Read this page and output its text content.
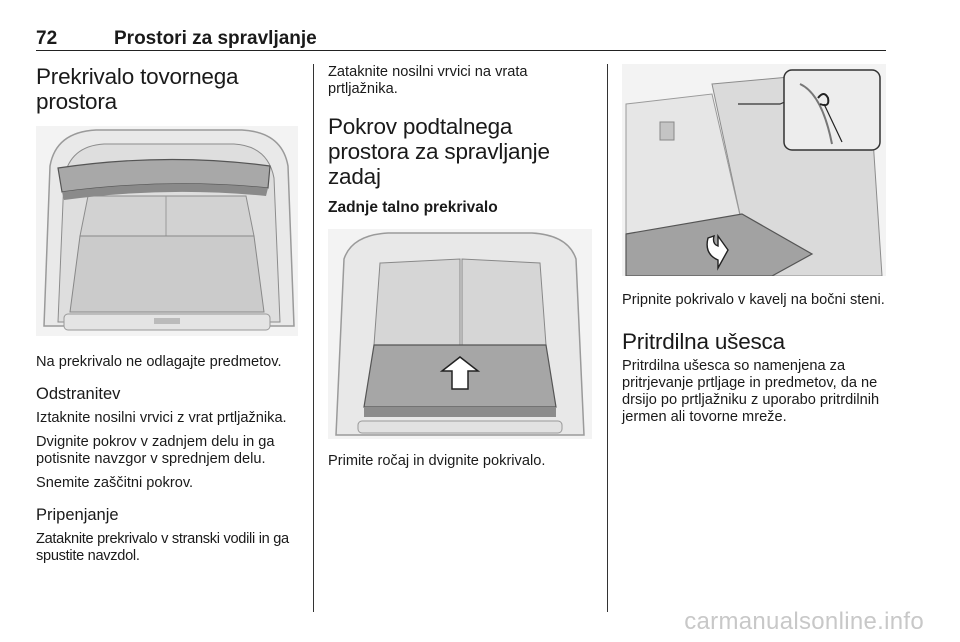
72	Prostori za spravljanje
Prekrivalo tovornega prostora

Na prekrivalo ne odlagajte predmetov.

Odstranitev

Iztaknite nosilni vrvici z vrat prtljažnika.

Dvignite pokrov v zadnjem delu in ga potisnite navzgor v sprednjem delu.

Snemite zaščitni pokrov.

Pripenjanje

Zataknite prekrivalo v stranski vodili in ga spustite navzdol.

Zataknite nosilni vrvici na vrata prtljažnika.

Pokrov podtalnega prostora za spravljanje zadaj
Zadnje talno prekrivalo

Primite ročaj in dvignite pokrivalo.

Pripnite pokrivalo v kavelj na bočni steni.

Pritrdilna ušesca

Pritrdilna ušesca so namenjena za pritrjevanje prtljage in predmetov, da ne drsijo po prtljažniku z uporabo pritrdilnih jermen ali tovorne mreže.

carmanualsonline.info
